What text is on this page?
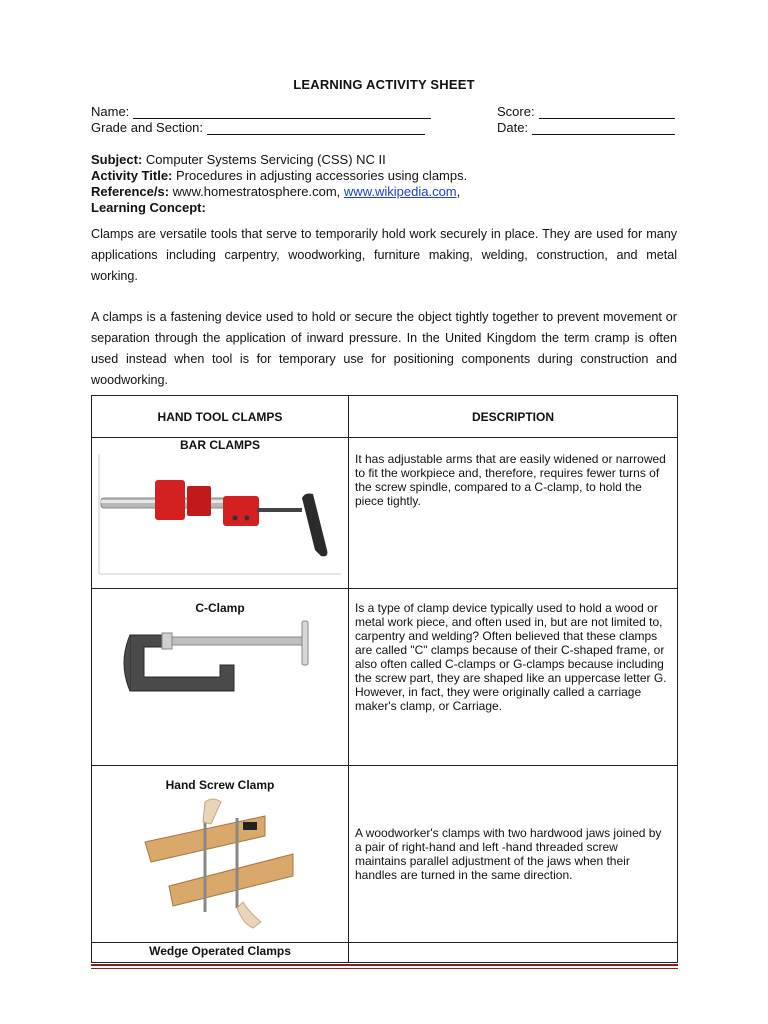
LEARNING ACTIVITY SHEET
Name:	Score:
Grade and Section:	Date:
Subject: Computer Systems Servicing (CSS) NC II
Activity Title: Procedures in adjusting accessories using clamps.
Reference/s: www.homestratosphere.com, www.wikipedia.com,
Learning Concept:
Clamps are versatile tools that serve to temporarily hold work securely in place. They are used for many applications including carpentry, woodworking, furniture making, welding, construction, and metal working.
A clamps is a fastening device used to hold or secure the object tightly together to prevent movement or separation through the application of inward pressure. In the United Kingdom the term cramp is often used instead when tool is for temporary use for positioning components during construction and woodworking.
HAND TOOL CLAMPS	DESCRIPTION

BAR CLAMPS	It has adjustable arms that are easily widened or narrowed to fit the workpiece and, therefore, requires fewer turns of the screw spindle, compared to a C-clamp, to hold the piece tightly.

C-Clamp	Is a type of clamp device typically used to hold a wood or metal work piece, and often used in, but are not limited to, carpentry and welding? Often believed that these clamps are called "C" clamps because of their C-shaped frame, or also often called C-clamps or G-clamps because including the screw part, they are shaped like an uppercase letter G. However, in fact, they were originally called a carriage maker's clamp, or Carriage.

Hand Screw Clamp	A woodworker's clamps with two hardwood jaws joined by a pair of right-hand and left -hand threaded screw maintains parallel adjustment of the jaws when their handles are turned in the same direction.

Wedge Operated Clamps	
